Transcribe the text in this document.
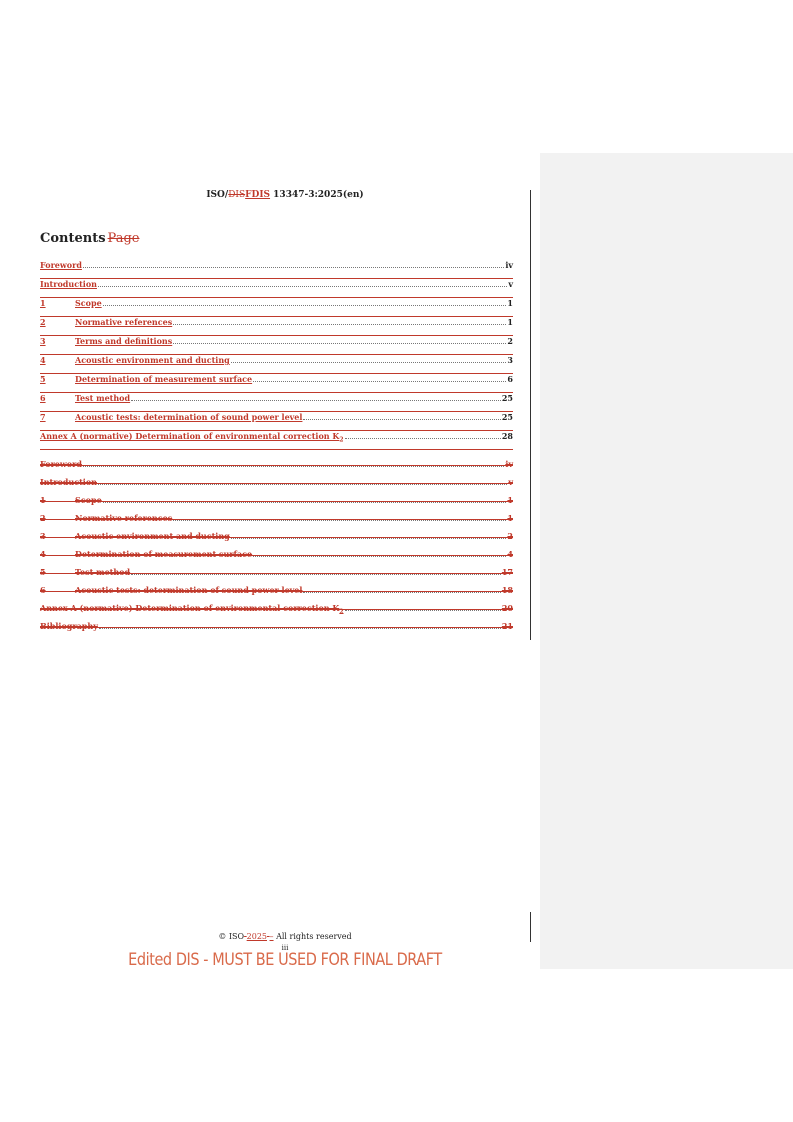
ISO/DISFDIS 13347-3:2025(en)
Contents Page
Foreword	iv
Introduction	v
1	Scope	1
2	Normative references	1
3	Terms and definitions	2
4	Acoustic environment and ducting	3
5	Determination of measurement surface	6
6	Test method	25
7	Acoustic tests: determination of sound power level	25
Annex A (normative) Determination of environmental correction $K_2$	28
Foreword	iv
Introduction	v
1	Scope	1
2	Normative references	1
3	Acoustic environment and ducting	2
4	Determination of measurement surface	4
5	Test method	17
6	Acoustic tests: determination of sound power level	18
Annex A (normative) Determination of environmental correction $K_2$	20
Bibliography	21
© ISO 2025 – All rights reserved
iii
Edited DIS - MUST BE USED FOR FINAL DRAFT
